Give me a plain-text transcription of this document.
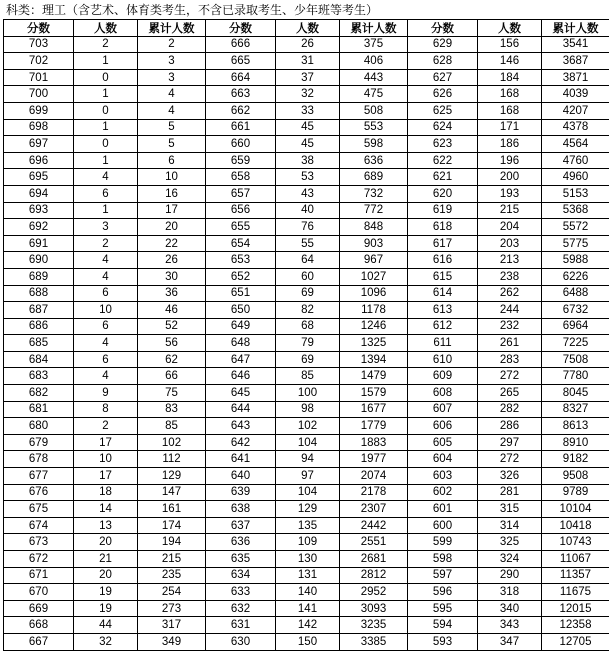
科类：理工（含艺术、体育类考生，不含已录取考生、少年班等考生）
分数	人数	累计人数	分数	人数	累计人数	分数	人数	累计人数
703	2	2	666	26	375	629	156	3541
702	1	3	665	31	406	628	146	3687
701	0	3	664	37	443	627	184	3871
700	1	4	663	32	475	626	168	4039
699	0	4	662	33	508	625	168	4207
698	1	5	661	45	553	624	171	4378
697	0	5	660	45	598	623	186	4564
696	1	6	659	38	636	622	196	4760
695	4	10	658	53	689	621	200	4960
694	6	16	657	43	732	620	193	5153
693	1	17	656	40	772	619	215	5368
692	3	20	655	76	848	618	204	5572
691	2	22	654	55	903	617	203	5775
690	4	26	653	64	967	616	213	5988
689	4	30	652	60	1027	615	238	6226
688	6	36	651	69	1096	614	262	6488
687	10	46	650	82	1178	613	244	6732
686	6	52	649	68	1246	612	232	6964
685	4	56	648	79	1325	611	261	7225
684	6	62	647	69	1394	610	283	7508
683	4	66	646	85	1479	609	272	7780
682	9	75	645	100	1579	608	265	8045
681	8	83	644	98	1677	607	282	8327
680	2	85	643	102	1779	606	286	8613
679	17	102	642	104	1883	605	297	8910
678	10	112	641	94	1977	604	272	9182
677	17	129	640	97	2074	603	326	9508
676	18	147	639	104	2178	602	281	9789
675	14	161	638	129	2307	601	315	10104
674	13	174	637	135	2442	600	314	10418
673	20	194	636	109	2551	599	325	10743
672	21	215	635	130	2681	598	324	11067
671	20	235	634	131	2812	597	290	11357
670	19	254	633	140	2952	596	318	11675
669	19	273	632	141	3093	595	340	12015
668	44	317	631	142	3235	594	343	12358
667	32	349	630	150	3385	593	347	12705
